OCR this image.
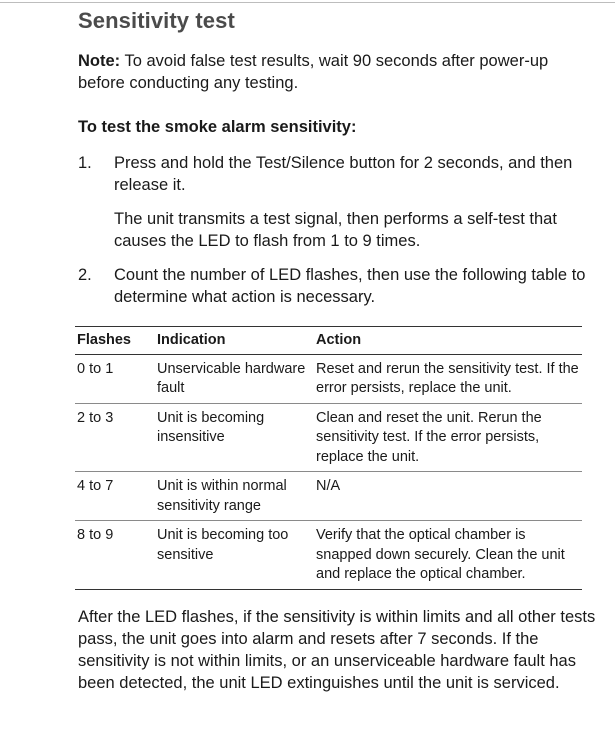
Sensitivity test

Note: To avoid false test results, wait 90 seconds after power-up before conducting any testing.

To test the smoke alarm sensitivity:

1.	Press and hold the Test/Silence button for 2 seconds, and then release it.
The unit transmits a test signal, then performs a self-test that causes the LED to flash from 1 to 9 times.
2.	Count the number of LED flashes, then use the following table to determine what action is necessary.
Flashes	Indication	Action
0 to 1	Unservicable hardware fault	Reset and rerun the sensitivity test. If the error persists, replace the unit.
2 to 3	Unit is becoming insensitive	Clean and reset the unit. Rerun the sensitivity test. If the error persists, replace the unit.
4 to 7	Unit is within normal sensitivity range	N/A
8 to 9	Unit is becoming too sensitive	Verify that the optical chamber is snapped down securely. Clean the unit and replace the optical chamber.

After the LED flashes, if the sensitivity is within limits and all other tests pass, the unit goes into alarm and resets after 7 seconds. If the sensitivity is not within limits, or an unserviceable hardware fault has been detected, the unit LED extinguishes until the unit is serviced.
